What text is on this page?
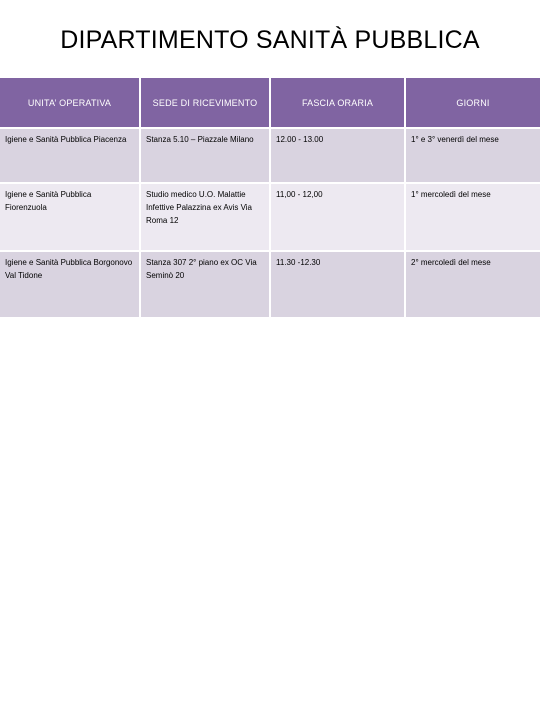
DIPARTIMENTO SANITÀ PUBBLICA
UNITA’ OPERATIVA	SEDE DI RICEVIMENTO	FASCIA ORARIA	GIORNI
Igiene e Sanità Pubblica Piacenza	Stanza 5.10 – Piazzale Milano	12.00 - 13.00	1° e 3° venerdì del mese
Igiene e Sanità Pubblica Fiorenzuola	Studio medico U.O. Malattie Infettive Palazzina ex Avis Via Roma 12	11,00 - 12,00	1° mercoledì del mese
Igiene e Sanità Pubblica Borgonovo Val Tidone	Stanza 307 2° piano ex OC Via Seminò 20	11.30 -12.30	2° mercoledì del mese
